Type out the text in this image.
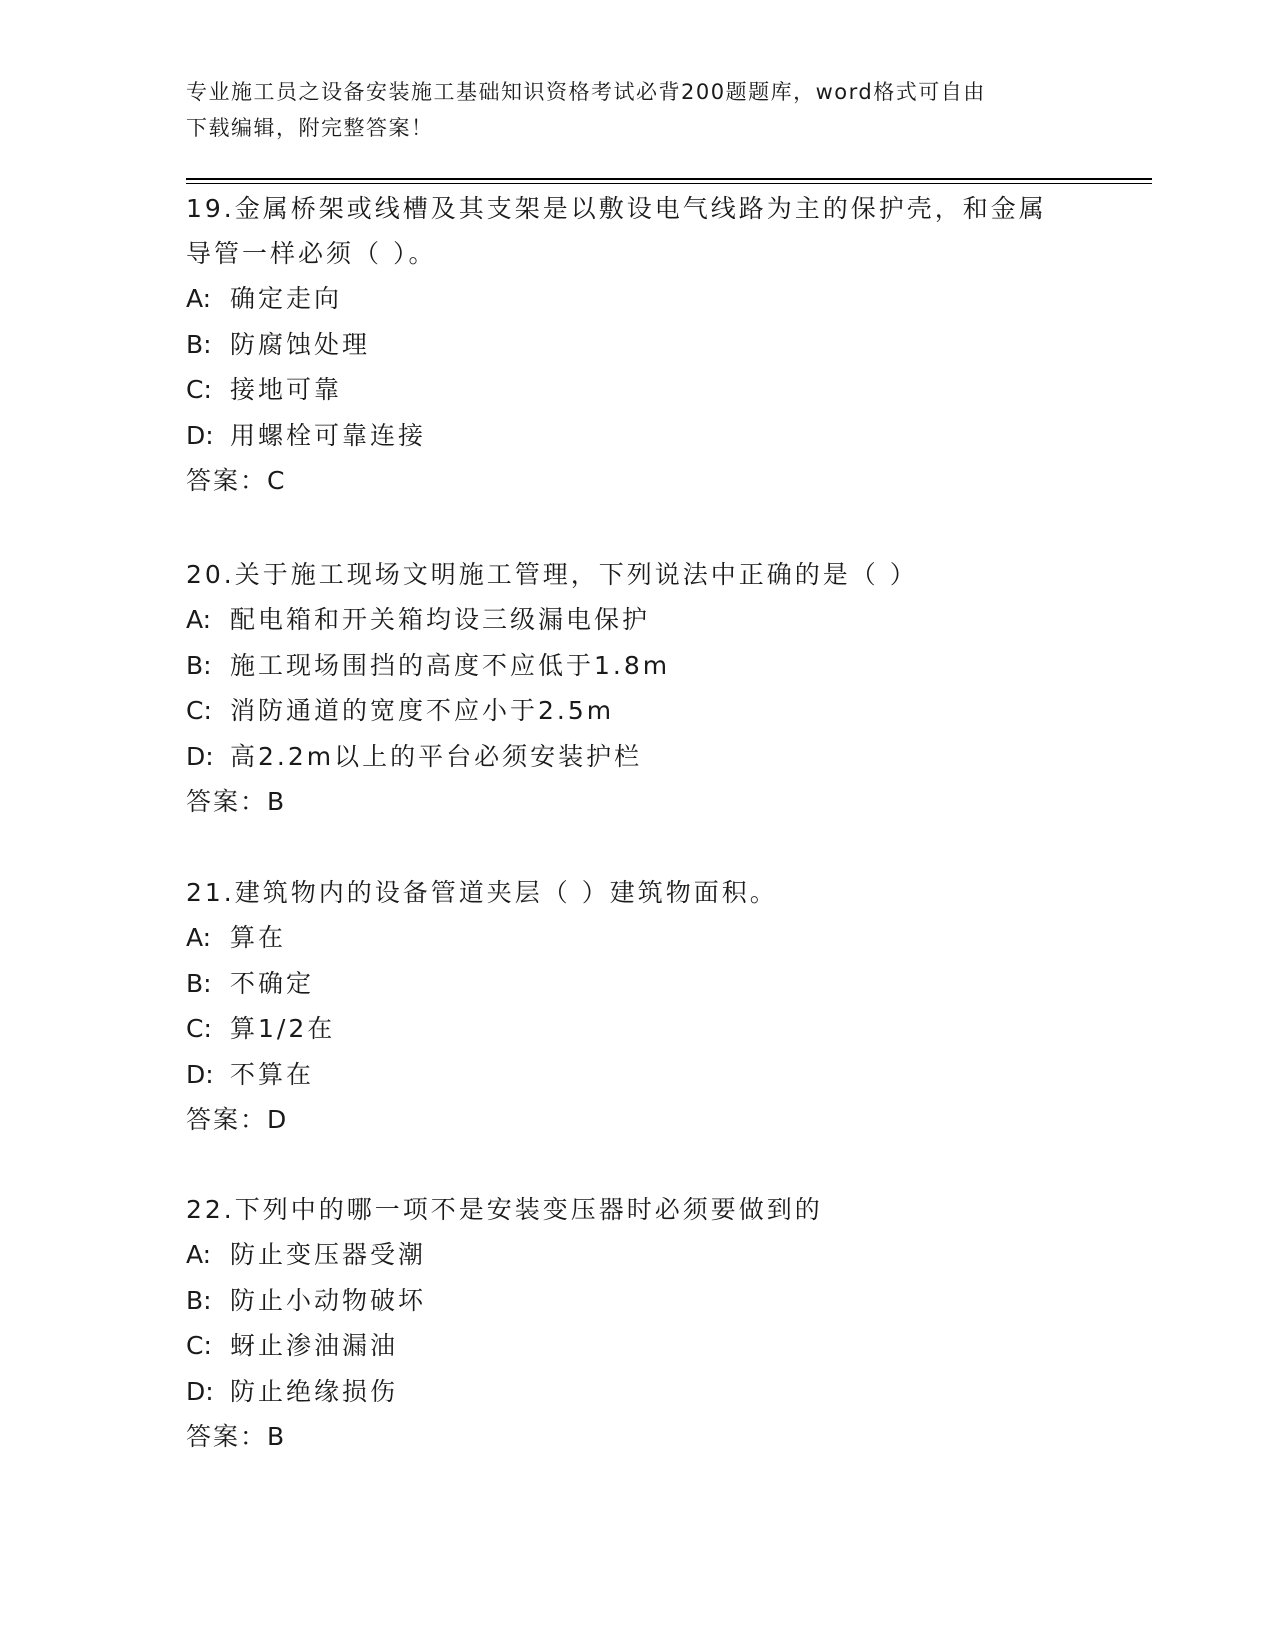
专业施工员之设备安装施工基础知识资格考试必背200题题库，word格式可自由
下载编辑，附完整答案！
19.金属桥架或线槽及其支架是以敷设电气线路为主的保护壳，和金属
导管一样必须（ ）。
A: 确定走向
B: 防腐蚀处理
C: 接地可靠
D: 用螺栓可靠连接
答案：C
20.关于施工现场文明施工管理，下列说法中正确的是（ ）
A: 配电箱和开关箱均设三级漏电保护
B: 施工现场围挡的高度不应低于1.8m
C: 消防通道的宽度不应小于2.5m
D: 高2.2m以上的平台必须安装护栏
答案：B
21.建筑物内的设备管道夹层（ ）建筑物面积。
A: 算在
B: 不确定
C: 算1/2在
D: 不算在
答案：D
22.下列中的哪一项不是安装变压器时必须要做到的
A: 防止变压器受潮
B: 防止小动物破坏
C: 蚜止渗油漏油
D: 防止绝缘损伤
答案：B
